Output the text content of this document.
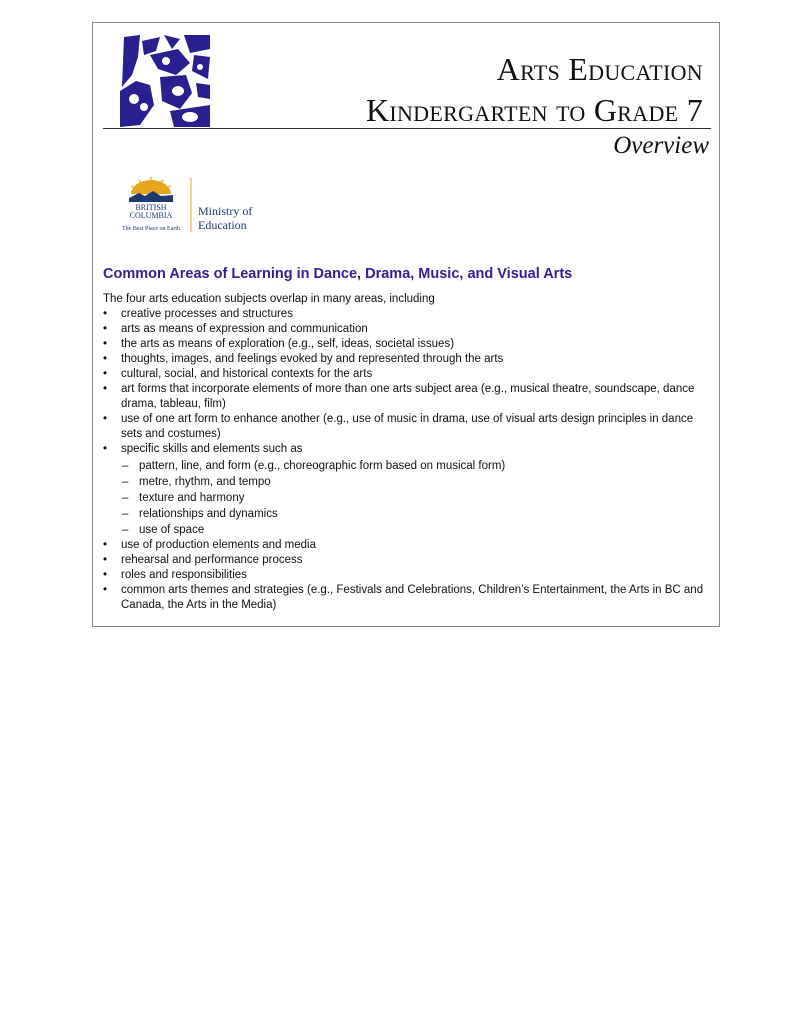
Arts Education
Kindergarten to Grade 7
Overview
BRITISH
COLUMBIA
The Best Place on Earth
Ministry of
Education
Common Areas of Learning in Dance, Drama, Music, and Visual Arts

The four arts education subjects overlap in many areas, including

• creative processes and structures
• arts as means of expression and communication
• the arts as means of exploration (e.g., self, ideas, societal issues)
• thoughts, images, and feelings evoked by and represented through the arts
• cultural, social, and historical contexts for the arts
• art forms that incorporate elements of more than one arts subject area (e.g., musical theatre, soundscape, dance drama, tableau, film)
• use of one art form to enhance another (e.g., use of music in drama, use of visual arts design principles in dance sets and costumes)
• specific skills and elements such as
– pattern, line, and form (e.g., choreographic form based on musical form)
– metre, rhythm, and tempo
– texture and harmony
– relationships and dynamics
– use of space
• use of production elements and media
• rehearsal and performance process
• roles and responsibilities
• common arts themes and strategies (e.g., Festivals and Celebrations, Children’s Entertainment, the Arts in BC and Canada, the Arts in the Media)
